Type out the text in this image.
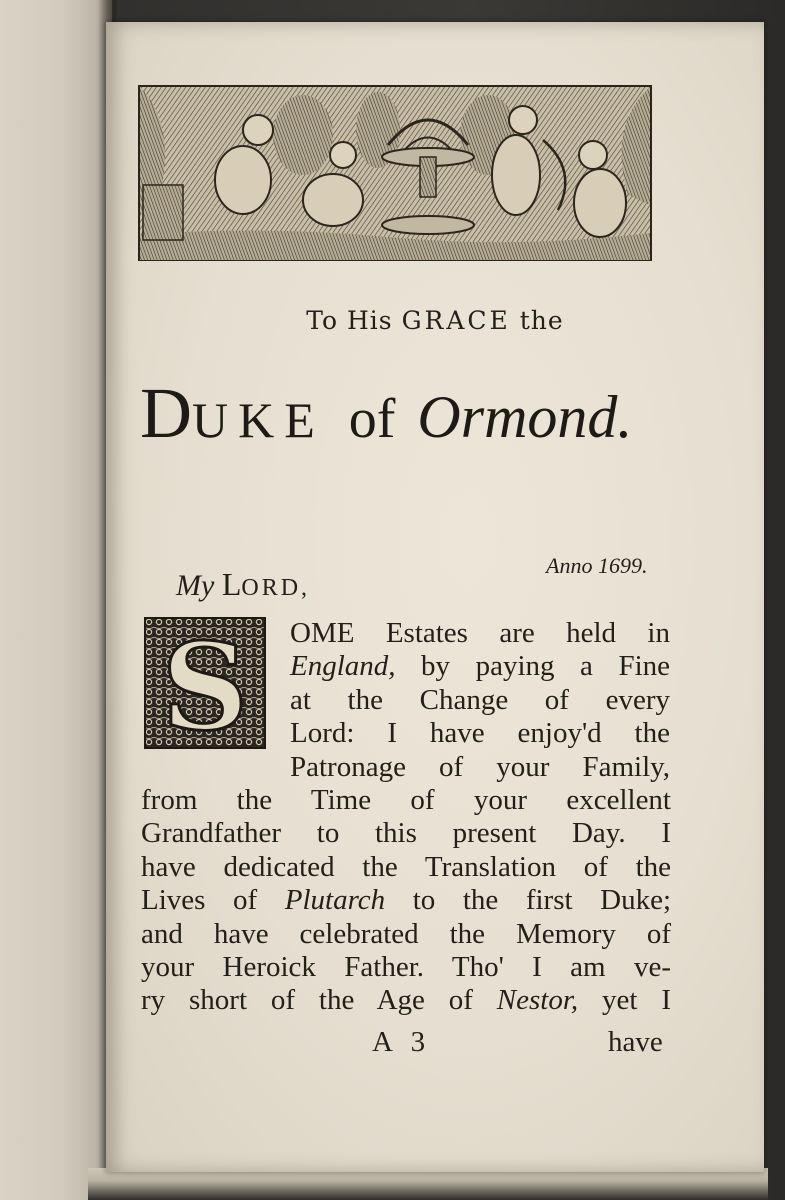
To His GRACE the
DUKE of Ormond.
Anno 1699.
My LORD,
S OME Estates are held in
England, by paying a Fine
at the Change of every
Lord: I have enjoy'd the
Patronage of your Family,
from the Time of your excellent
Grandfather to this present Day. I
have dedicated the Translation of the
Lives of Plutarch to the first Duke;
and have celebrated the Memory of
your Heroick Father. Tho' I am ve-
ry short of the Age of Nestor, yet I
A 3	have
